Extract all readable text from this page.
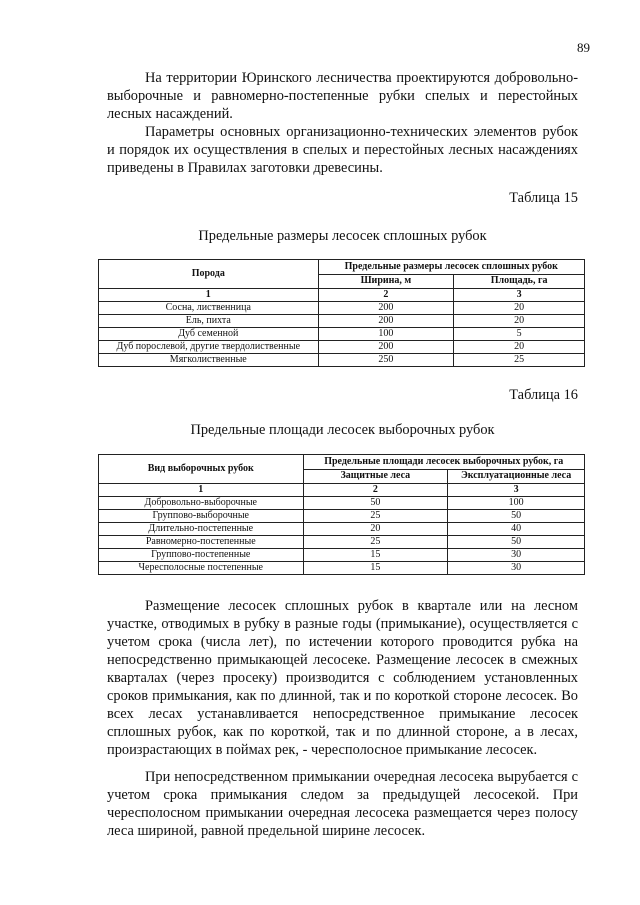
89

На территории Юринского лесничества проектируются добровольно-выборочные и равномерно-постепенные рубки спелых и перестойных лесных насаждений.

Параметры основных организационно-технических элементов рубок и порядок их осуществления в спелых и перестойных лесных насаждениях приведены в Правилах заготовки древесины.

Таблица 15
Предельные размеры лесосек сплошных рубок
Порода	Предельные размеры лесосек сплошных рубок	
	Ширина, м	Площадь, га
1	2	3
Сосна, лиственница	200	20
Ель, пихта	200	20
Дуб семенной	100	5
Дуб порослевой, другие твердолиственные	200	20
Мягколиственные	250	25
Таблица 16
Предельные площади лесосек выборочных рубок
Вид выборочных рубок	Предельные площади лесосек выборочных рубок, га	
	Защитные леса	Эксплуатационные леса
1	2	3
Добровольно-выборочные	50	100
Группово-выборочные	25	50
Длительно-постепенные	20	40
Равномерно-постепенные	25	50
Группово-постепенные	15	30
Чересполосные постепенные	15	30

Размещение лесосек сплошных рубок в квартале или на лесном участке, отводимых в рубку в разные годы (примыкание), осуществляется с учетом срока (числа лет), по истечении которого проводится рубка на непосредственно примыкающей лесосеке. Размещение лесосек в смежных кварталах (через просеку) производится с соблюдением установленных сроков примыкания, как по длинной, так и по короткой стороне лесосек. Во всех лесах устанавливается непосредственное примыкание лесосек сплошных рубок, как по короткой, так и по длинной стороне, а в лесах, произрастающих в поймах рек, - чересполосное примыкание лесосек.

При непосредственном примыкании очередная лесосека вырубается с учетом срока примыкания следом за предыдущей лесосекой. При чересполосном примыкании очередная лесосека размещается через полосу леса шириной, равной предельной ширине лесосек.
